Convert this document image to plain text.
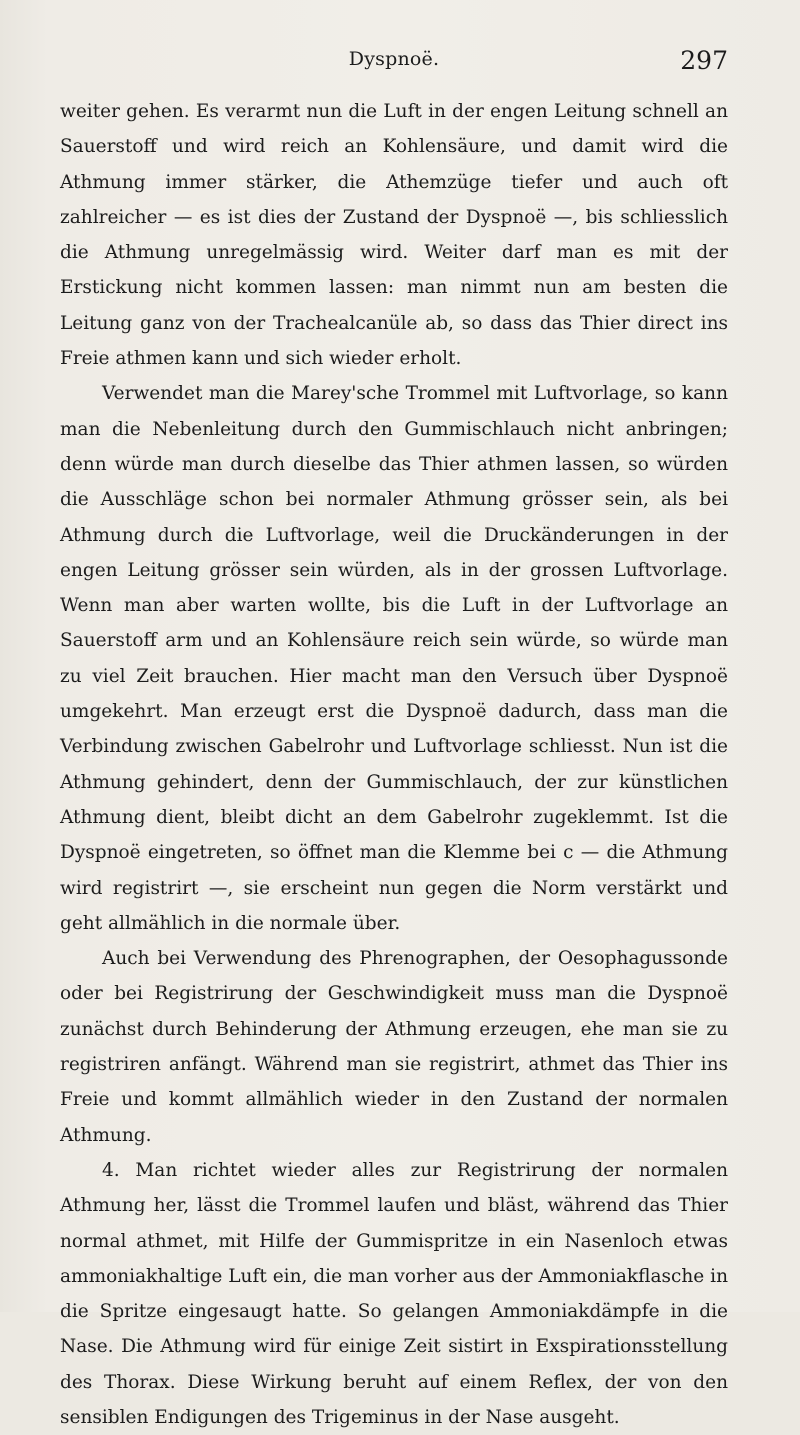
Dyspnoë.	297

weiter gehen. Es verarmt nun die Luft in der engen Leitung schnell an Sauerstoff und wird reich an Kohlensäure, und damit wird die Athmung immer stärker, die Athemzüge tiefer und auch oft zahlreicher — es ist dies der Zustand der Dyspnoë —, bis schliesslich die Athmung unregelmässig wird. Weiter darf man es mit der Erstickung nicht kommen lassen: man nimmt nun am besten die Leitung ganz von der Trachealcanüle ab, so dass das Thier direct ins Freie athmen kann und sich wieder erholt.

Verwendet man die Marey'sche Trommel mit Luftvorlage, so kann man die Nebenleitung durch den Gummischlauch nicht anbringen; denn würde man durch dieselbe das Thier athmen lassen, so würden die Ausschläge schon bei normaler Athmung grösser sein, als bei Athmung durch die Luftvorlage, weil die Druckänderungen in der engen Leitung grösser sein würden, als in der grossen Luftvorlage. Wenn man aber warten wollte, bis die Luft in der Luftvorlage an Sauerstoff arm und an Kohlensäure reich sein würde, so würde man zu viel Zeit brauchen. Hier macht man den Versuch über Dyspnoë umgekehrt. Man erzeugt erst die Dyspnoë dadurch, dass man die Verbindung zwischen Gabelrohr und Luftvorlage schliesst. Nun ist die Athmung gehindert, denn der Gummischlauch, der zur künstlichen Athmung dient, bleibt dicht an dem Gabelrohr zugeklemmt. Ist die Dyspnoë eingetreten, so öffnet man die Klemme bei c — die Athmung wird registrirt —, sie erscheint nun gegen die Norm verstärkt und geht allmählich in die normale über.

Auch bei Verwendung des Phrenographen, der Oesophagussonde oder bei Registrirung der Geschwindigkeit muss man die Dyspnoë zunächst durch Behinderung der Athmung erzeugen, ehe man sie zu registriren anfängt. Während man sie registrirt, athmet das Thier ins Freie und kommt allmählich wieder in den Zustand der normalen Athmung.

4. Man richtet wieder alles zur Registrirung der normalen Athmung her, lässt die Trommel laufen und bläst, während das Thier normal athmet, mit Hilfe der Gummispritze in ein Nasenloch etwas ammoniakhaltige Luft ein, die man vorher aus der Ammoniakflasche in die Spritze eingesaugt hatte. So gelangen Ammoniakdämpfe in die Nase. Die Athmung wird für einige Zeit sistirt in Exspirationsstellung des Thorax. Diese Wirkung beruht auf einem Reflex, der von den sensiblen Endigungen des Trigeminus in der Nase ausgeht.
